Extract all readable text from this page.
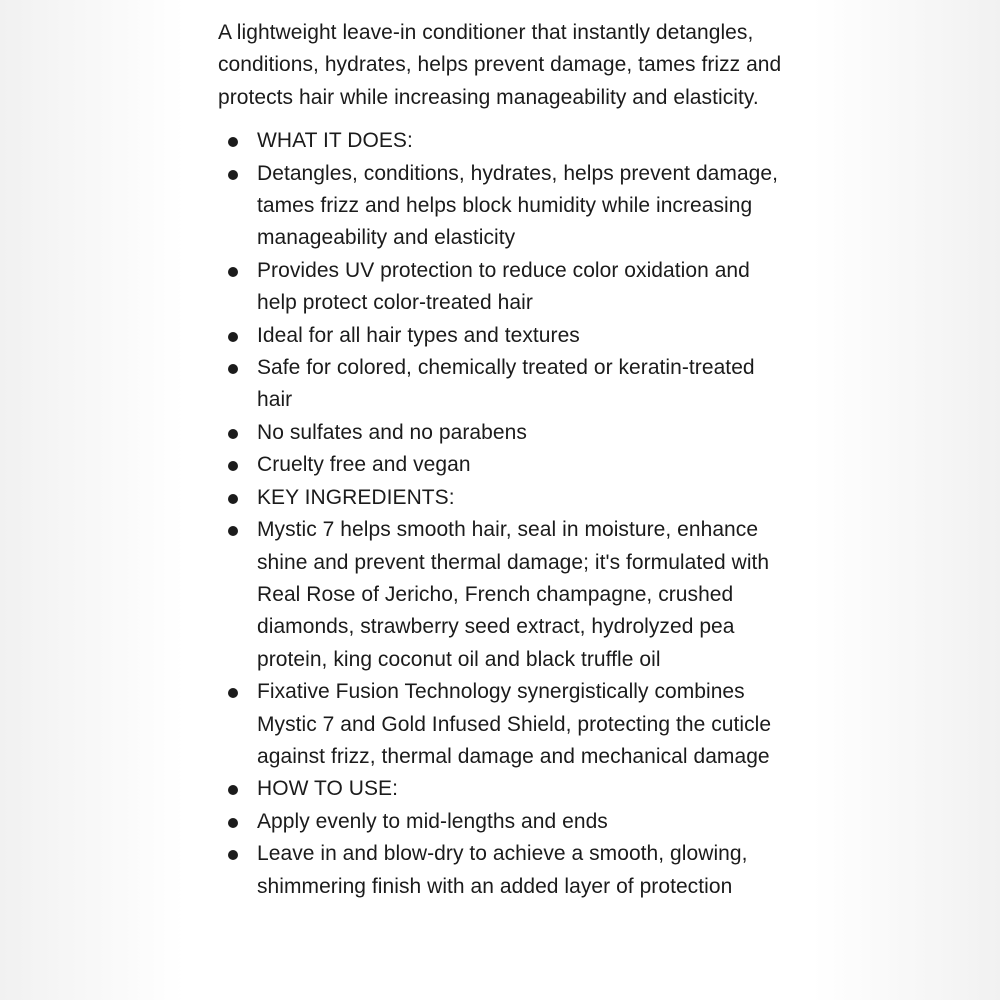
A lightweight leave-in conditioner that instantly detangles, conditions, hydrates, helps prevent damage, tames frizz and protects hair while increasing manageability and elasticity.

WHAT IT DOES:
Detangles, conditions, hydrates, helps prevent damage, tames frizz and helps block humidity while increasing manageability and elasticity
Provides UV protection to reduce color oxidation and help protect color-treated hair
Ideal for all hair types and textures
Safe for colored, chemically treated or keratin-treated hair
No sulfates and no parabens
Cruelty free and vegan
KEY INGREDIENTS:
Mystic 7 helps smooth hair, seal in moisture, enhance shine and prevent thermal damage; it's formulated with Real Rose of Jericho, French champagne, crushed diamonds, strawberry seed extract, hydrolyzed pea protein, king coconut oil and black truffle oil
Fixative Fusion Technology synergistically combines Mystic 7 and Gold Infused Shield, protecting the cuticle against frizz, thermal damage and mechanical damage
HOW TO USE:
Apply evenly to mid-lengths and ends
Leave in and blow-dry to achieve a smooth, glowing, shimmering finish with an added layer of protection
